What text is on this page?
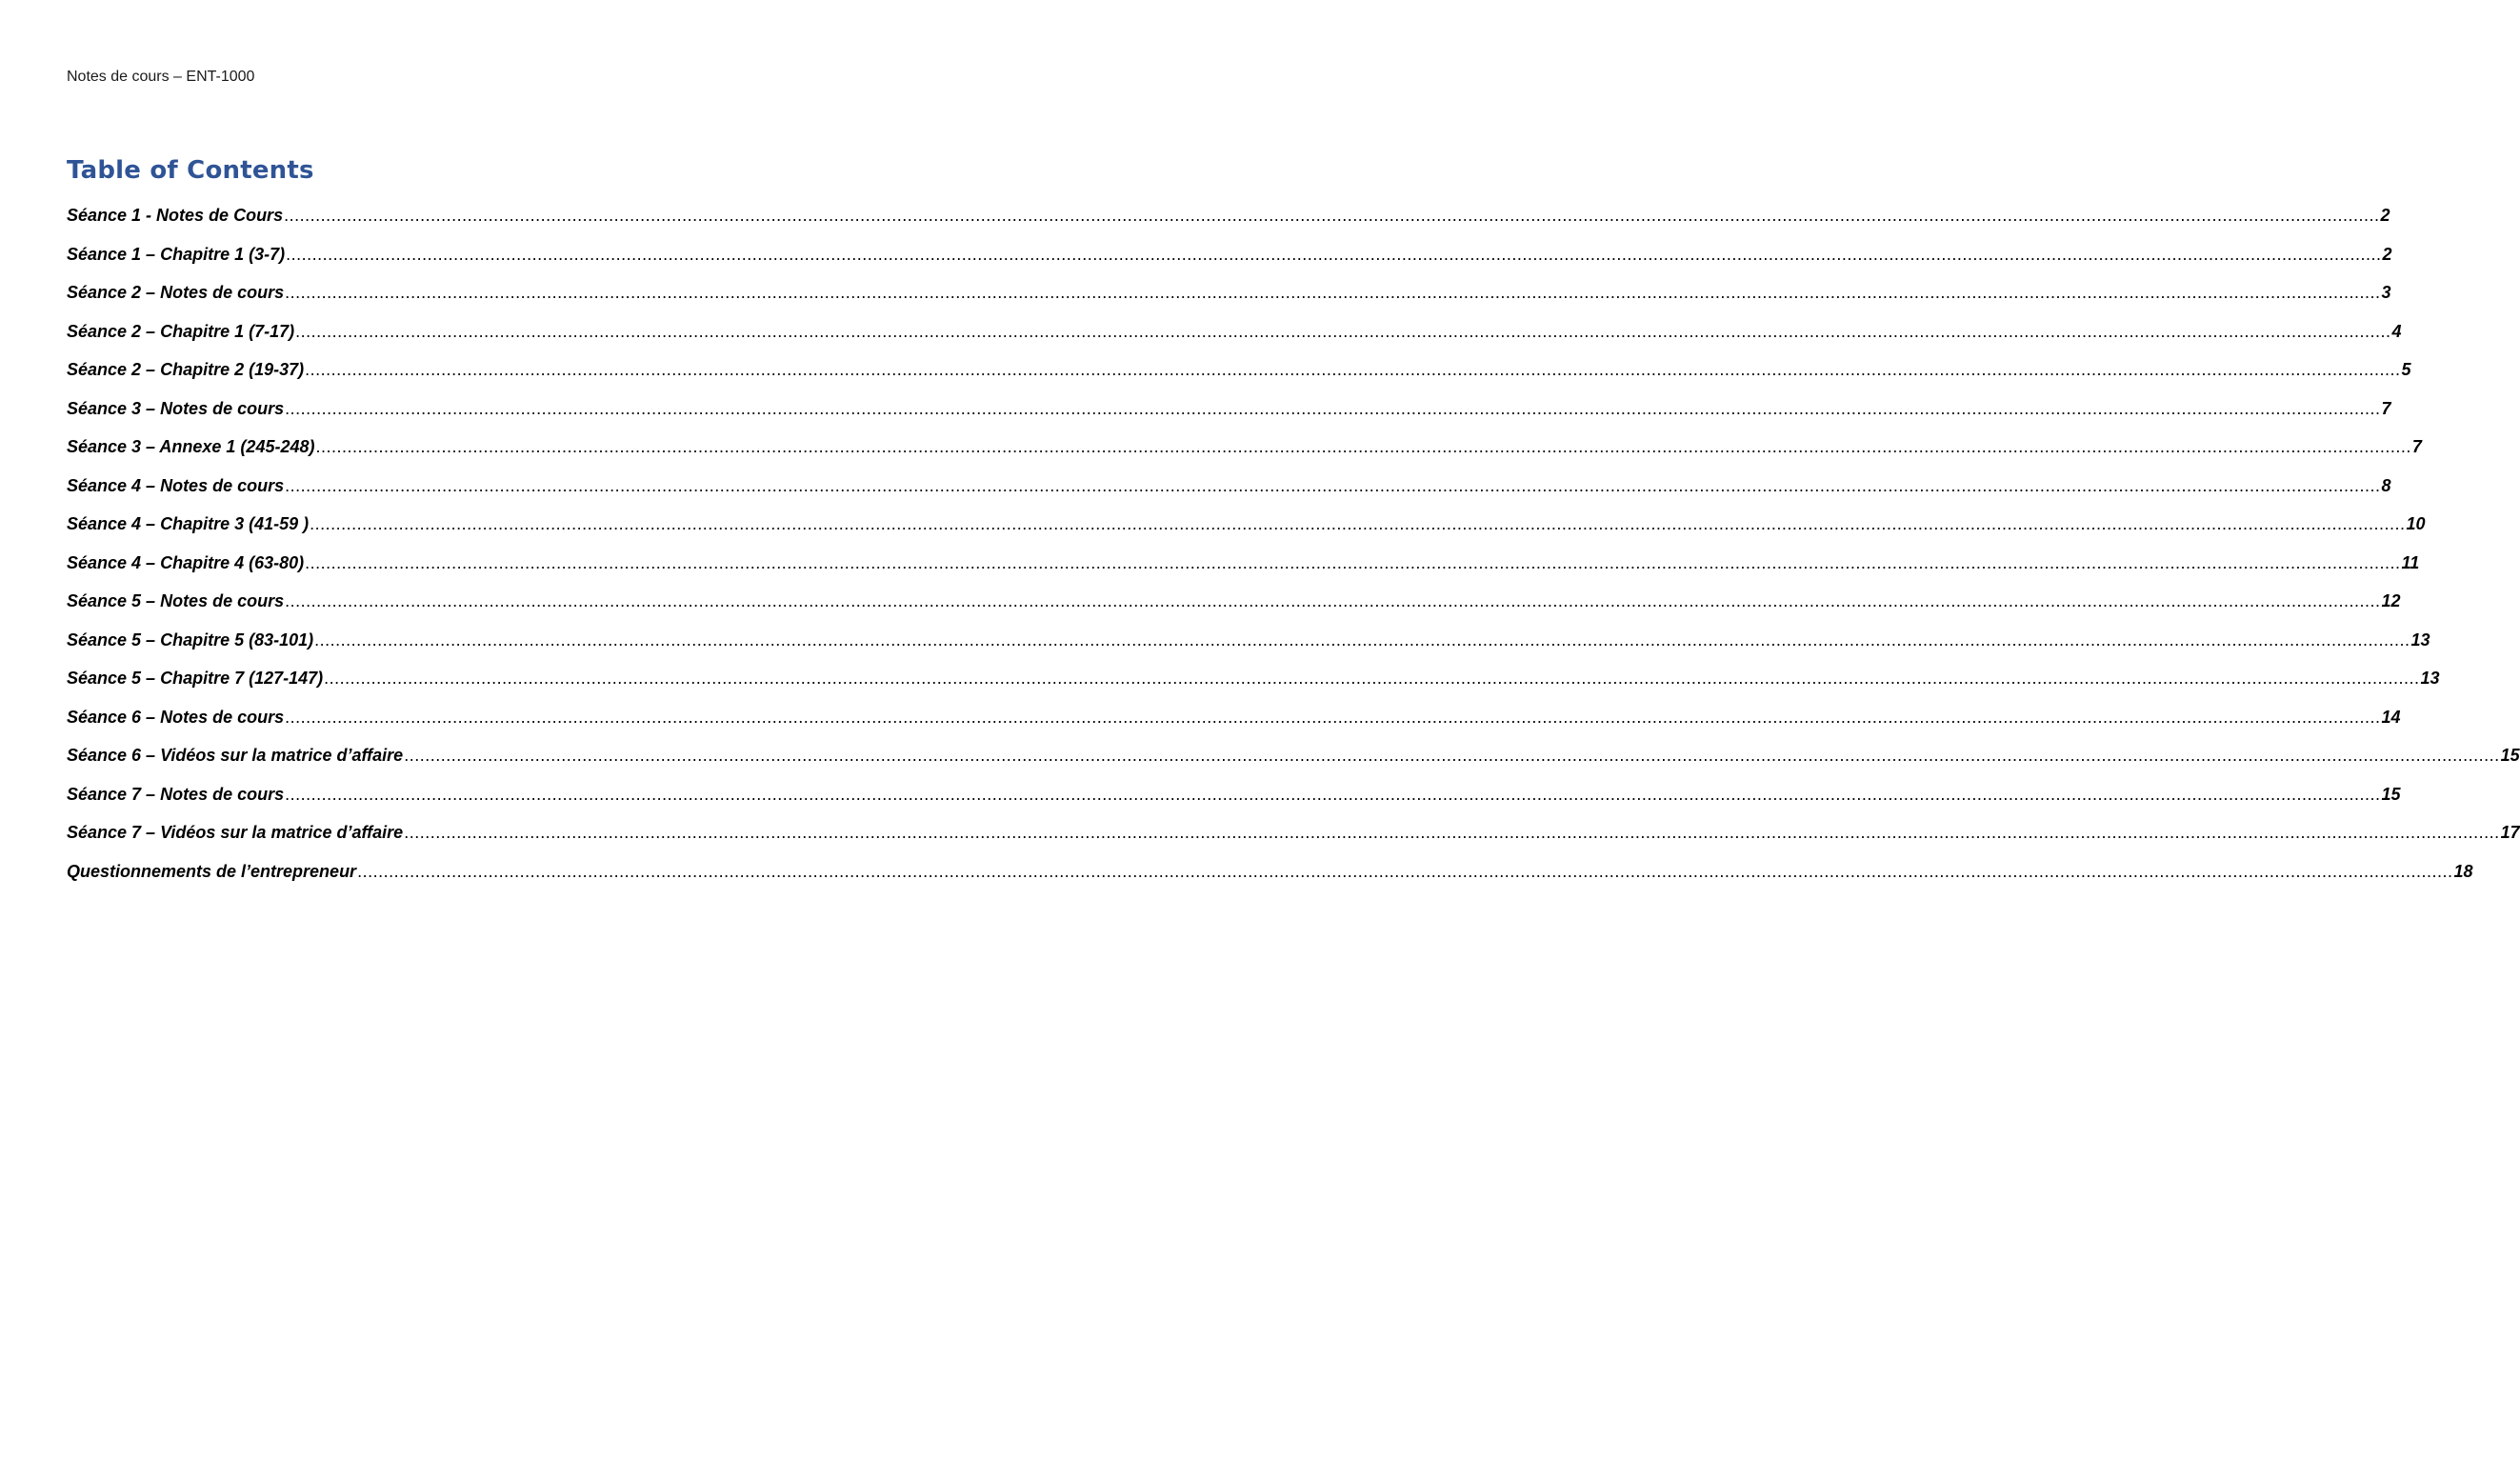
Notes de cours – ENT-1000
Table of Contents
Séance 1 - Notes de Cours ................................................................................................................................................................................................................................................................................................................................................................................................................ 2
Séance 1 – Chapitre 1 (3-7) ................................................................................................................................................................................................................................................................................................................................................................................................................ 2
Séance 2 – Notes de cours ................................................................................................................................................................................................................................................................................................................................................................................................................ 3
Séance 2 – Chapitre 1 (7-17) ................................................................................................................................................................................................................................................................................................................................................................................................................ 4
Séance 2 – Chapitre 2 (19-37) ................................................................................................................................................................................................................................................................................................................................................................................................................ 5
Séance 3 – Notes de cours ................................................................................................................................................................................................................................................................................................................................................................................................................ 7
Séance 3 – Annexe 1 (245-248) ................................................................................................................................................................................................................................................................................................................................................................................................................ 7
Séance 4 – Notes de cours ................................................................................................................................................................................................................................................................................................................................................................................................................ 8
Séance 4 – Chapitre 3 (41-59 ) ................................................................................................................................................................................................................................................................................................................................................................................................................ 10
Séance 4 – Chapitre 4 (63-80) ................................................................................................................................................................................................................................................................................................................................................................................................................ 11
Séance 5 – Notes de cours ................................................................................................................................................................................................................................................................................................................................................................................................................ 12
Séance 5 – Chapitre 5 (83-101) ................................................................................................................................................................................................................................................................................................................................................................................................................ 13
Séance 5 – Chapitre 7 (127-147) ................................................................................................................................................................................................................................................................................................................................................................................................................ 13
Séance 6 – Notes de cours ................................................................................................................................................................................................................................................................................................................................................................................................................ 14
Séance 6 – Vidéos sur la matrice d’affaire ................................................................................................................................................................................................................................................................................................................................................................................................................ 15
Séance 7 – Notes de cours ................................................................................................................................................................................................................................................................................................................................................................................................................ 15
Séance 7 – Vidéos sur la matrice d’affaire ................................................................................................................................................................................................................................................................................................................................................................................................................ 17
Questionnements de l’entrepreneur ................................................................................................................................................................................................................................................................................................................................................................................................................ 18
